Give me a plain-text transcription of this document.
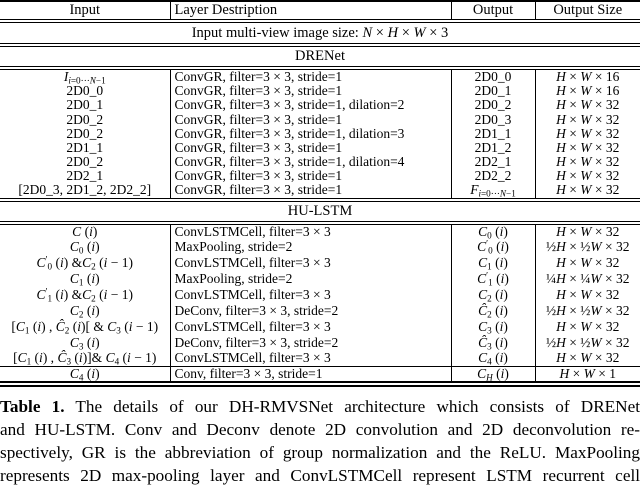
Input	Layer Destription	Output	Output Size
Input multi-view image size: N × H × W × 3			
DRENet			
$I_{i=0\cdot\cdot\cdot N-1}$	ConvGR, filter=3 × 3, stride=1	2D0_0	H × W × 16
2D0_0	ConvGR, filter=3 × 3, stride=1	2D0_1	H × W × 16
2D0_1	ConvGR, filter=3 × 3, stride=1, dilation=2	2D0_2	H × W × 32
2D0_2	ConvGR, filter=3 × 3, stride=1	2D0_3	H × W × 32
2D0_2	ConvGR, filter=3 × 3, stride=1, dilation=3	2D1_1	H × W × 32
2D1_1	ConvGR, filter=3 × 3, stride=1	2D1_2	H × W × 32
2D0_2	ConvGR, filter=3 × 3, stride=1, dilation=4	2D2_1	H × W × 32
2D2_1	ConvGR, filter=3 × 3, stride=1	2D2_2	H × W × 32
[2D0_3, 2D1_2, 2D2_2]	ConvGR, filter=3 × 3, stride=1	$F_{i=0\cdot\cdot\cdot N-1}$	H × W × 32
HU-LSTM			
C (i)	ConvLSTMCell, filter=3 × 3	$C_0$ (i)	H × W × 32
$C_0$ (i)	MaxPooling, stride=2	$C'_0$ (i)	½H × ½W × 32
$C'_0$ (i) $\&C_2$ (i − 1)	ConvLSTMCell, filter=3 × 3	$C_1$ (i)	H × W × 32
$C_1$ (i)	MaxPooling, stride=2	$C'_1$ (i)	¼H × ¼W × 32
$C'_1$ (i) $\&C_2$ (i − 1)	ConvLSTMCell, filter=3 × 3	$C_2$ (i)	H × W × 32
$C_2$ (i)	DeConv, filter=3 × 3, stride=2	$Ĉ_2$ (i)	½H × ½W × 32
[$C_1$ (i) , $Ĉ_2$ (i)[ & $C_3$ (i − 1)	ConvLSTMCell, filter=3 × 3	$C_3$ (i)	H × W × 32
$C_3$ (i)	DeConv, filter=3 × 3, stride=2	$Ĉ_3$ (i)	½H × ½W × 32
[$C_1$ (i) , $Ĉ_3$ (i)]& $C_4$ (i − 1)	ConvLSTMCell, filter=3 × 3	$C_4$ (i)	H × W × 32
$C_4$ (i)	Conv, filter=3 × 3, stride=1	$C_H$ (i)	H × W × 1
Table 1. The details of our DH-RMVSNet architecture which consists of DRENet
and HU-LSTM. Conv and Deconv denote 2D convolution and 2D deconvolution re-
spectively, GR is the abbreviation of group normalization and the ReLU. MaxPooling
represents 2D max-pooling layer and ConvLSTMCell represent LSTM recurrent cell
